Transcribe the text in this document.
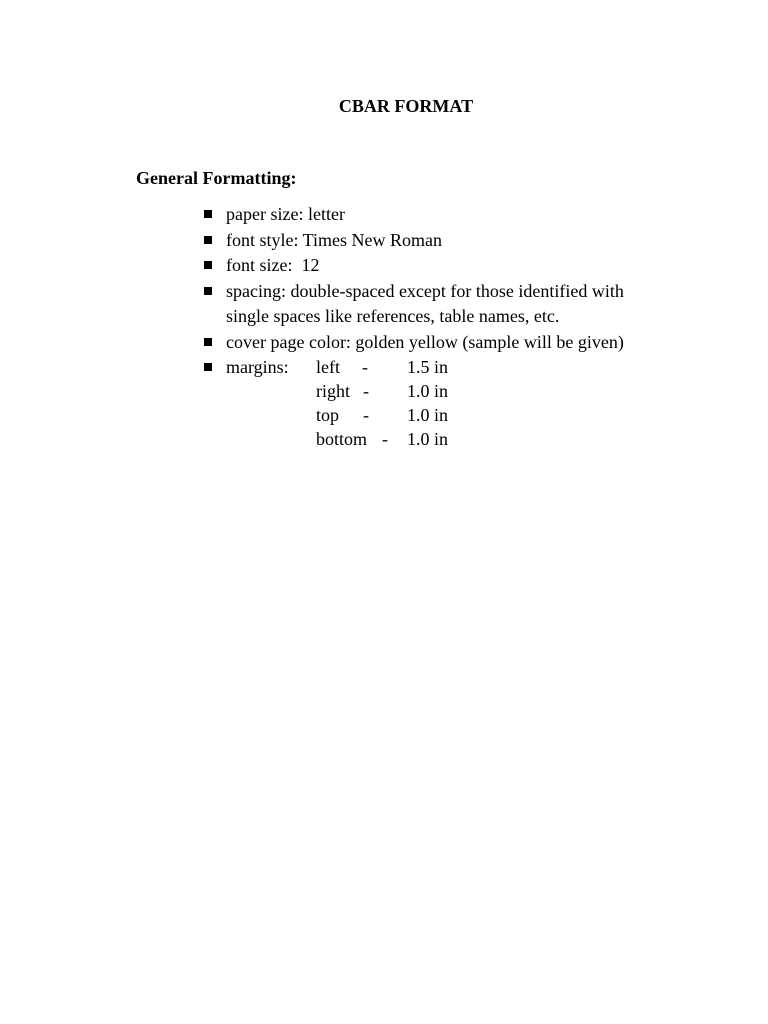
CBAR FORMAT
General Formatting:
paper size: letter
font style: Times New Roman
font size:  12
spacing: double-spaced except for those identified with
single spaces like references, table names, etc.
cover page color: golden yellow (sample will be given)
margins: left - 1.5 in
right - 1.0 in
top - 1.0 in
bottom - 1.0 in
